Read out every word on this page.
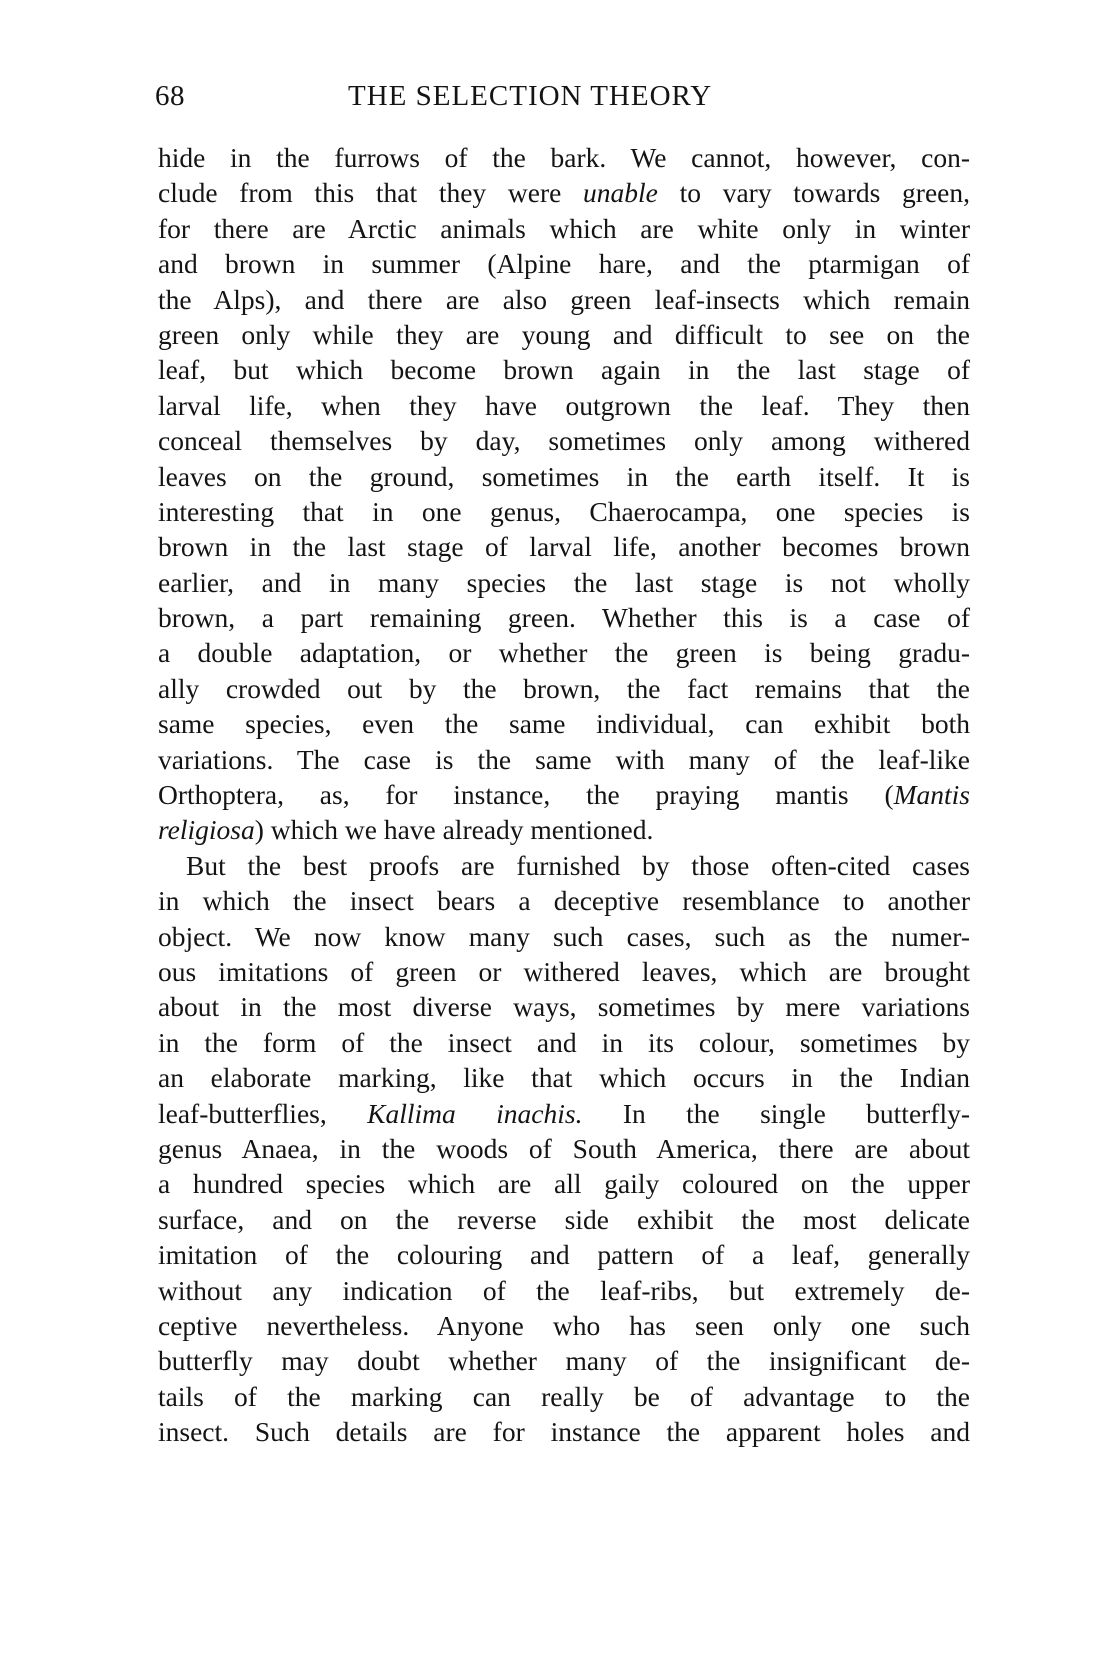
68	THE SELECTION THEORY
hide in the furrows of the bark. We cannot, however, con-
clude from this that they were unable to vary towards green,
for there are Arctic animals which are white only in winter
and brown in summer (Alpine hare, and the ptarmigan of
the Alps), and there are also green leaf-insects which remain
green only while they are young and difficult to see on the
leaf, but which become brown again in the last stage of
larval life, when they have outgrown the leaf. They then
conceal themselves by day, sometimes only among withered
leaves on the ground, sometimes in the earth itself. It is
interesting that in one genus, Chaerocampa, one species is
brown in the last stage of larval life, another becomes brown
earlier, and in many species the last stage is not wholly
brown, a part remaining green. Whether this is a case of
a double adaptation, or whether the green is being gradu-
ally crowded out by the brown, the fact remains that the
same species, even the same individual, can exhibit both
variations. The case is the same with many of the leaf-like
Orthoptera, as, for instance, the praying mantis (Mantis
religiosa) which we have already mentioned.
But the best proofs are furnished by those often-cited cases
in which the insect bears a deceptive resemblance to another
object. We now know many such cases, such as the numer-
ous imitations of green or withered leaves, which are brought
about in the most diverse ways, sometimes by mere variations
in the form of the insect and in its colour, sometimes by
an elaborate marking, like that which occurs in the Indian
leaf-butterflies, Kallima inachis. In the single butterfly-
genus Anaea, in the woods of South America, there are about
a hundred species which are all gaily coloured on the upper
surface, and on the reverse side exhibit the most delicate
imitation of the colouring and pattern of a leaf, generally
without any indication of the leaf-ribs, but extremely de-
ceptive nevertheless. Anyone who has seen only one such
butterfly may doubt whether many of the insignificant de-
tails of the marking can really be of advantage to the
insect. Such details are for instance the apparent holes and
